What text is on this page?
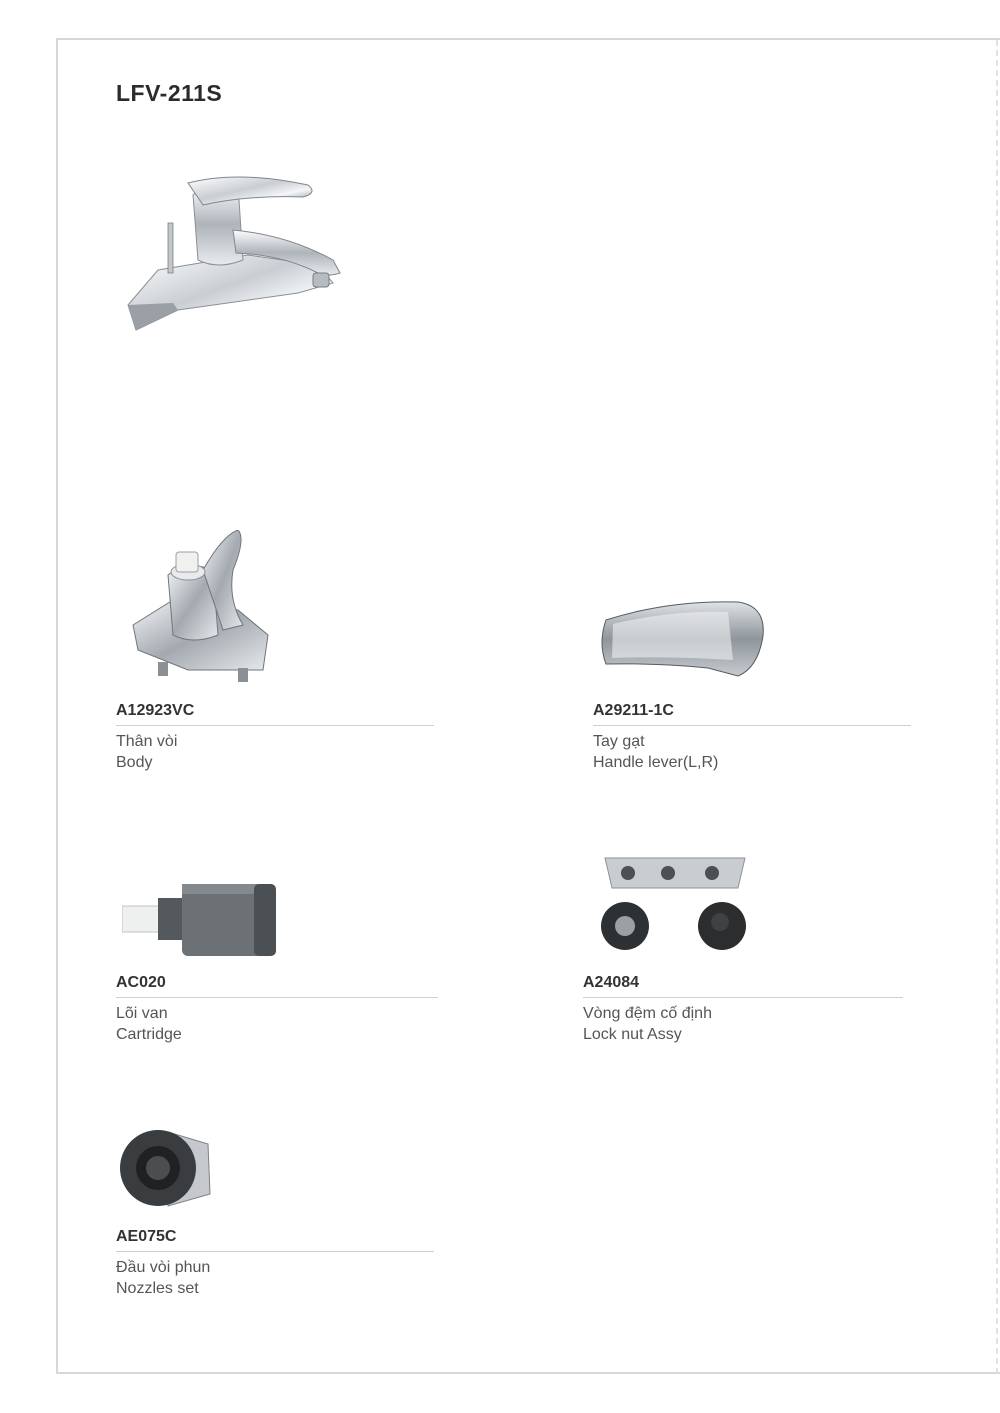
LFV-211S
A12923VC
Thân vòi
Body
A29211-1C
Tay gạt
Handle lever(L,R)
AC020
Lõi van
Cartridge
A24084
Vòng đệm cố định
Lock nut Assy
AE075C
Đầu vòi phun
Nozzles set
